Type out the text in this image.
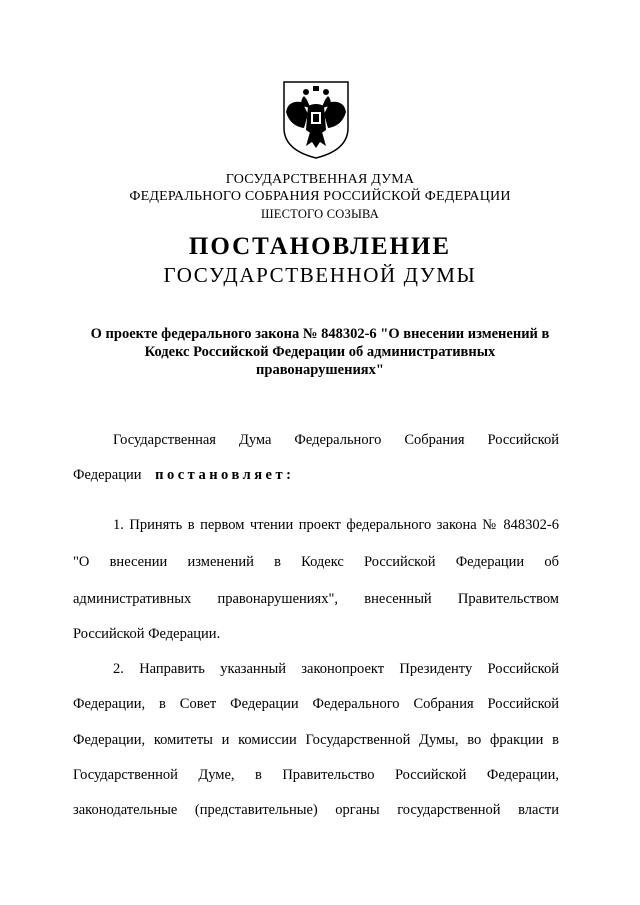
ГОСУДАРСТВЕННАЯ ДУМА
ФЕДЕРАЛЬНОГО СОБРАНИЯ РОССИЙСКОЙ ФЕДЕРАЦИИ
ШЕСТОГО СОЗЫВА
ПОСТАНОВЛЕНИЕ
ГОСУДАРСТВЕННОЙ ДУМЫ
О проекте федерального закона № 848302-6 "О внесении изменений в
Кодекс Российской Федерации об административных
правонарушениях"
Государственная Дума Федерального Собрания Российской
Федерации постановляет:
1. Принять в первом чтении проект федерального закона № 848302-6
"О внесении изменений в Кодекс Российской Федерации об
административных правонарушениях", внесенный Правительством
Российской Федерации.
2. Направить указанный законопроект Президенту Российской
Федерации, в Совет Федерации Федерального Собрания Российской
Федерации, комитеты и комиссии Государственной Думы, во фракции в
Государственной Думе, в Правительство Российской Федерации,
законодательные (представительные) органы государственной власти
